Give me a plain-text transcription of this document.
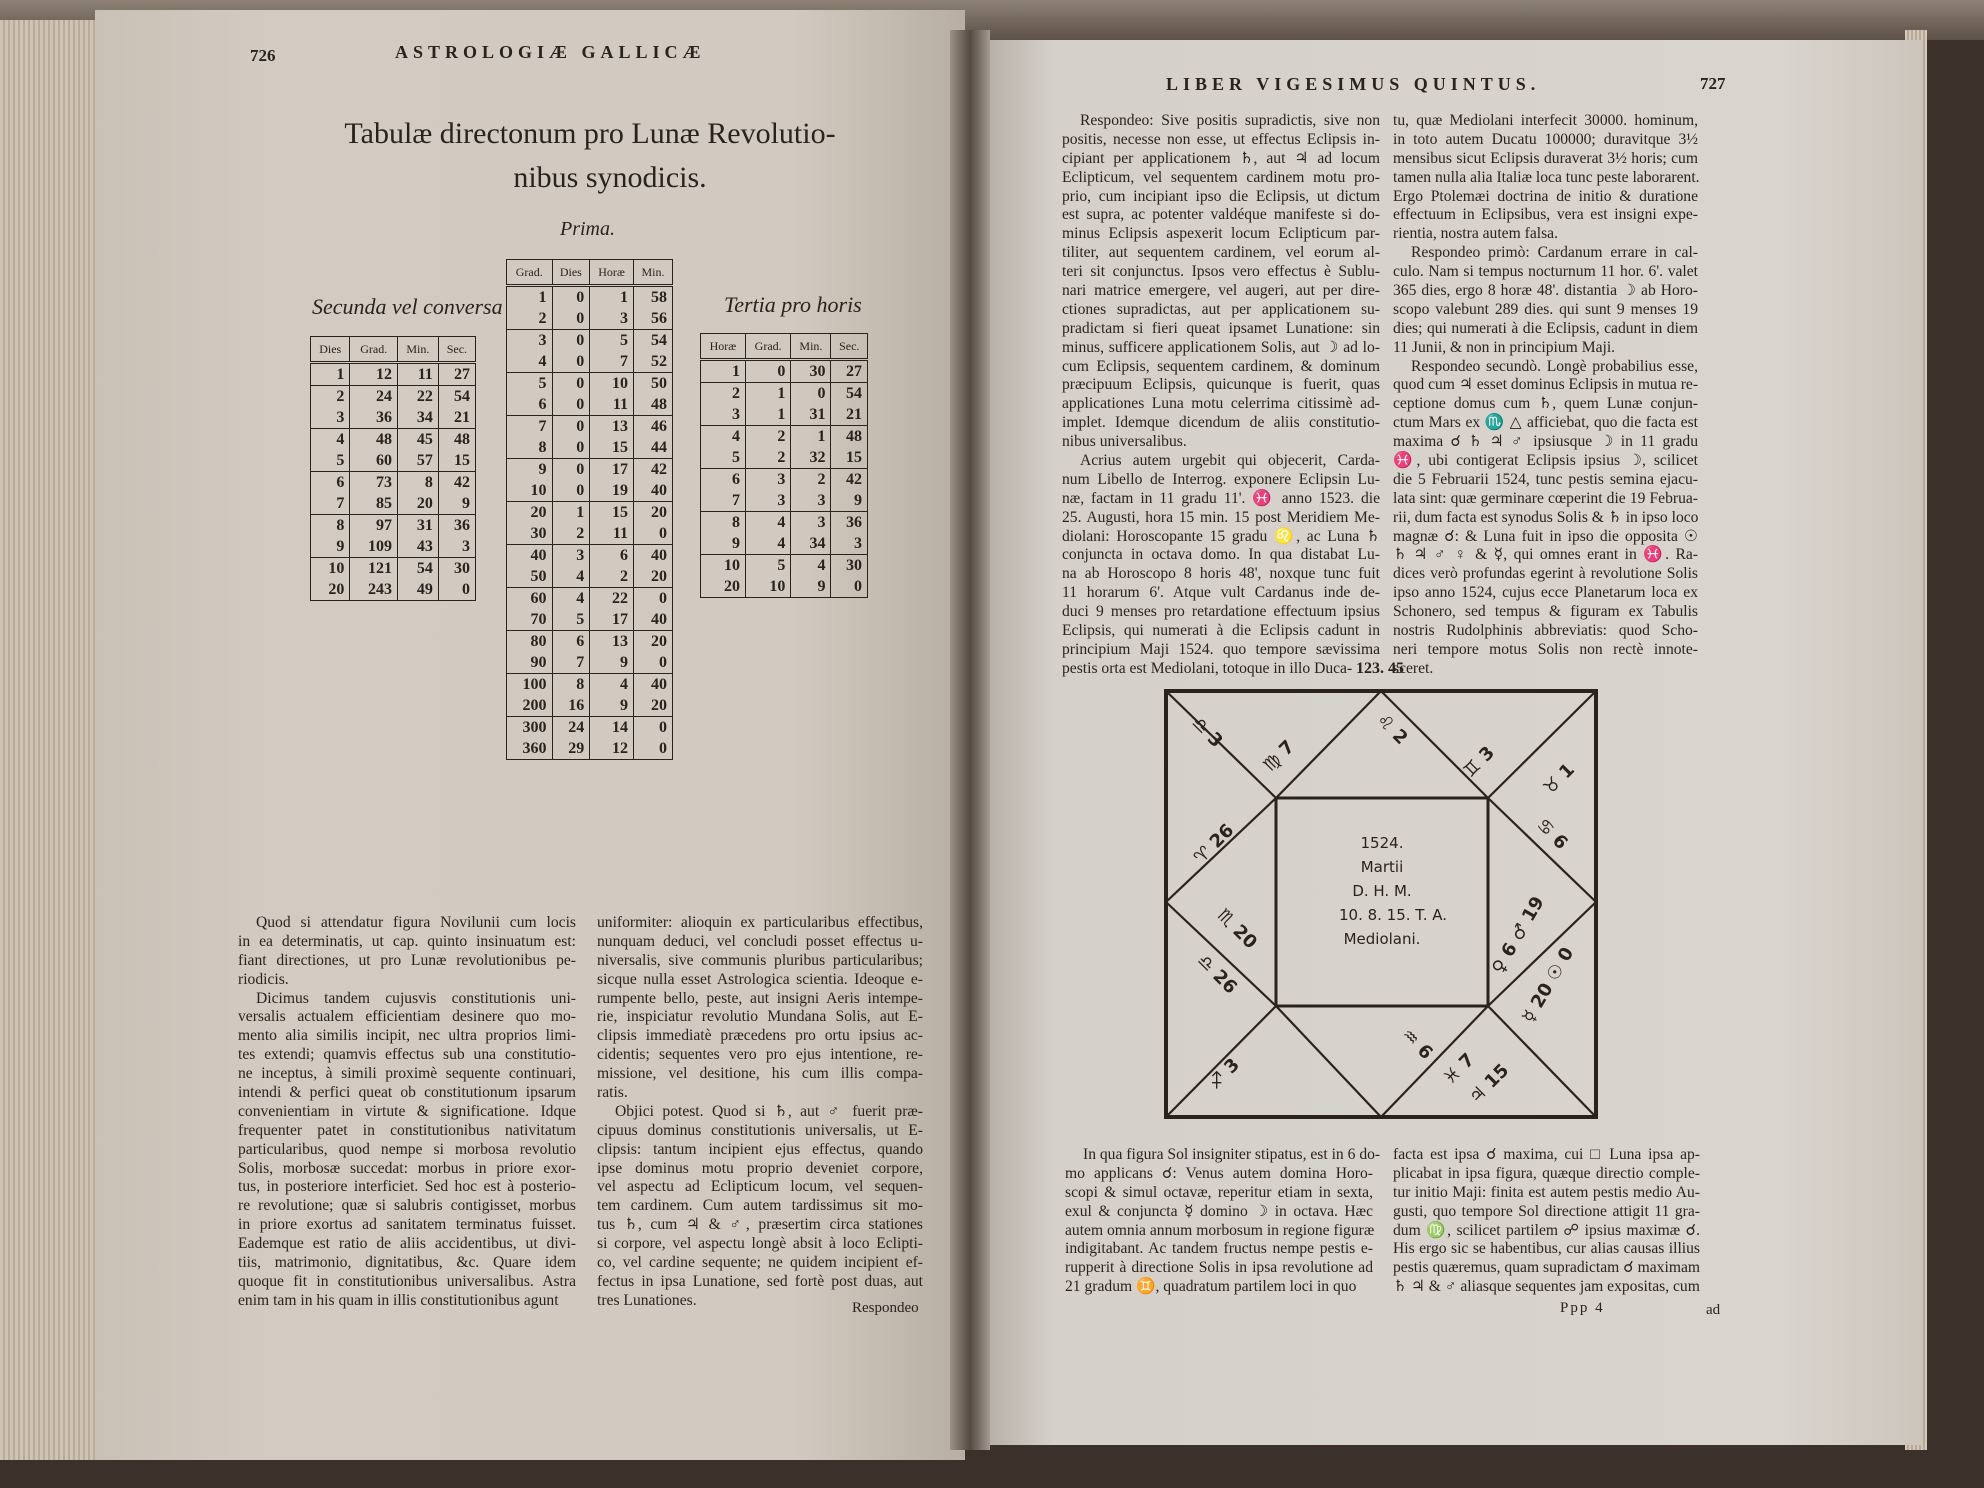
726	ASTROLOGIÆ GALLICÆ
Tabulæ directonum pro Lunæ Revolutio-
nibus synodicis.
Prima.
Secunda vel conversa	Tertia pro horis
Grad.	Dies	Horæ	Min.
1	0	1	58
2	0	3	56
3	0	5	54
4	0	7	52
5	0	10	50
6	0	11	48
7	0	13	46
8	0	15	44
9	0	17	42
10	0	19	40
20	1	15	20
30	2	11	0
40	3	6	40
50	4	2	20
60	4	22	0
70	5	17	40
80	6	13	20
90	7	9	0
100	8	4	40
200	16	9	20
300	24	14	0
360	29	12	0
Dies	Grad.	Min.	Sec.
1	12	11	27
2	24	22	54
3	36	34	21
4	48	45	48
5	60	57	15
6	73	8	42
7	85	20	9
8	97	31	36
9	109	43	3
10	121	54	30
20	243	49	0
Horæ	Grad.	Min.	Sec.
1	0	30	27
2	1	0	54
3	1	31	21
4	2	1	48
5	2	32	15
6	3	2	42
7	3	3	9
8	4	3	36
9	4	34	3
10	5	4	30
20	10	9	0
Quod si attendatur figura Novilunii cum locis
in ea determinatis, ut cap. quinto insinuatum est:
fiant directiones, ut pro Lunæ revolutionibus pe-
riodicis.
Dicimus tandem cujusvis constitutionis uni-
versalis actualem efficientiam desinere quo mo-
mento alia similis incipit, nec ultra proprios limi-
tes extendi; quamvis effectus sub una constitutio-
ne inceptus, à simili proximè sequente continuari,
intendi & perfici queat ob constitutionum ipsarum
convenientiam in virtute & significatione. Idque
frequenter patet in constitutionibus nativitatum
particularibus, quod nempe si morbosa revolutio
Solis, morbosæ succedat: morbus in priore exor-
tus, in posteriore interficiet. Sed hoc est à posterio-
re revolutione; quæ si salubris contigisset, morbus
in priore exortus ad sanitatem terminatus fuisset.
Eademque est ratio de aliis accidentibus, ut divi-
tiis, matrimonio, dignitatibus, &c. Quare idem
quoque fit in constitutionibus universalibus. Astra
enim tam in his quam in illis constitutionibus agunt
uniformiter: alioquin ex particularibus effectibus,
nunquam deduci, vel concludi posset effectus u-
niversalis, sive communis pluribus particularibus;
sicque nulla esset Astrologica scientia. Ideoque e-
rumpente bello, peste, aut insigni Aeris intempe-
rie, inspiciatur revolutio Mundana Solis, aut E-
clipsis immediatè præcedens pro ortu ipsius ac-
cidentis; sequentes vero pro ejus intentione, re-
missione, vel desitione, his cum illis compa-
ratis.
Objici potest. Quod si ♄, aut ♂ fuerit præ-
cipuus dominus constitutionis universalis, ut E-
clipsis: tantum incipient ejus effectus, quando
ipse dominus motu proprio deveniet corpore,
vel aspectu ad Eclipticum locum, vel sequen-
tem cardinem. Cum autem tardissimus sit mo-
tus ♄, cum ♃ & ♂, præsertim circa stationes
si corpore, vel aspectu longè absit à loco Eclipti-
co, vel cardine sequente; ne quidem incipient ef-
fectus in ipsa Lunatione, sed fortè post duas, aut
tres Lunationes.	Respondeo
LIBER VIGESIMUS QUINTUS.	727
Respondeo: Sive positis supradictis, sive non
positis, necesse non esse, ut effectus Eclipsis in-
cipiant per applicationem ♄, aut ♃ ad locum
Eclipticum, vel sequentem cardinem motu pro-
prio, cum incipiant ipso die Eclipsis, ut dictum
est supra, ac potenter valdéque manifeste si do-
minus Eclipsis aspexerit locum Eclipticum par-
tiliter, aut sequentem cardinem, vel eorum al-
teri sit conjunctus. Ipsos vero effectus è Sublu-
nari matrice emergere, vel augeri, aut per dire-
ctiones supradictas, aut per applicationem su-
pradictam si fieri queat ipsamet Lunatione: sin
minus, sufficere applicationem Solis, aut ☽ ad lo-
cum Eclipsis, sequentem cardinem, & dominum
præcipuum Eclipsis, quicunque is fuerit, quas
applicationes Luna motu celerrima citissimè ad-
implet. Idemque dicendum de aliis constitutio-
nibus universalibus.
Acrius autem urgebit qui objecerit, Carda-
num Libello de Interrog. exponere Eclipsin Lu-
næ, factam in 11 gradu 11'. ♓ anno 1523. die
25. Augusti, hora 15 min. 15 post Meridiem Me-
diolani: Horoscopante 15 gradu ♌, ac Luna ♄
conjuncta in octava domo. In qua distabat Lu-
na ab Horoscopo 8 horis 48', noxque tunc fuit
11 horarum 6'. Atque vult Cardanus inde de-
duci 9 menses pro retardatione effectuum ipsius
Eclipsis, qui numerati à die Eclipsis cadunt in
principium Maji 1524. quo tempore sævissima
pestis orta est Mediolani, totoque in illo Duca-
tu, quæ Mediolani interfecit 30000. hominum,
in toto autem Ducatu 100000; duravitque 3½
mensibus sicut Eclipsis duraverat 3½ horis; cum
tamen nulla alia Italiæ loca tunc peste laborarent.
Ergo Ptolemæi doctrina de initio & duratione
effectuum in Eclipsibus, vera est insigni expe-
rientia, nostra autem falsa.
Respondeo primò: Cardanum errare in cal-
culo. Nam si tempus nocturnum 11 hor. 6'. valet
365 dies, ergo 8 horæ 48'. distantia ☽ ab Horo-
scopo valebunt 289 dies. qui sunt 9 menses 19
dies; qui numerati à die Eclipsis, cadunt in diem
11 Junii, & non in principium Maji.
Respondeo secundò. Longè probabilius esse,
quod cum ♃ esset dominus Eclipsis in mutua re-
ceptione domus cum ♄, quem Lunæ conjun-
ctum Mars ex ♏ △ afficiebat, quo die facta est
maxima ☌ ♄ ♃ ♂ ipsiusque ☽ in 11 gradu
♓, ubi contigerat Eclipsis ipsius ☽, scilicet
die 5 Februarii 1524, tunc pestis semina ejacu-
lata sint: quæ germinare cœperint die 19 Februa-
rii, dum facta est synodus Solis & ♄ in ipso loco
magnæ ☌: & Luna fuit in ipso die opposita ☉
♄ ♃ ♂ ♀ & ☿, qui omnes erant in ♓. Ra-
dices verò profundas egerint à revolutione Solis
ipso anno 1524, cujus ecce Planetarum loca ex
Schonero, sed tempus & figuram ex Tabulis
nostris Rudolphinis abbreviatis: quod Scho-
neri tempore motus Solis non rectè innote-
sceret.
123. 45
♎ 3
♍ 7
♌ 2
♊ 3
♋ 6
♉ 1
♈ 26
♎ 26
♏ 20
♐ 3
♒ 6
♓ 7
♃ 15
☿ 20 ☉ 0
♀ 6 ♂ 19
1524.
Martii
D. H. M.
10. 8. 15. T. A.
Mediolani.
In qua figura Sol insigniter stipatus, est in 6 do-
mo applicans ☌: Venus autem domina Horo-
scopi & simul octavæ, reperitur etiam in sexta,
exul & conjuncta ☿ domino ☽ in octava. Hæc
autem omnia annum morbosum in regione figuræ
indigitabant. Ac tandem fructus nempe pestis e-
rupperit à directione Solis in ipsa revolutione ad
21 gradum ♊, quadratum partilem loci in quo
facta est ipsa ☌ maxima, cui □ Luna ipsa ap-
plicabat in ipsa figura, quæque directio comple-
tur initio Maji: finita est autem pestis medio Au-
gusti, quo tempore Sol directione attigit 11 gra-
dum ♍, scilicet partilem ☍ ipsius maximæ ☌.
His ergo sic se habentibus, cur alias causas illius
pestis quæremus, quam supradictam ☌ maximam
♄ ♃ & ♂ aliasque sequentes jam expositas, cum
Ppp 4	ad
